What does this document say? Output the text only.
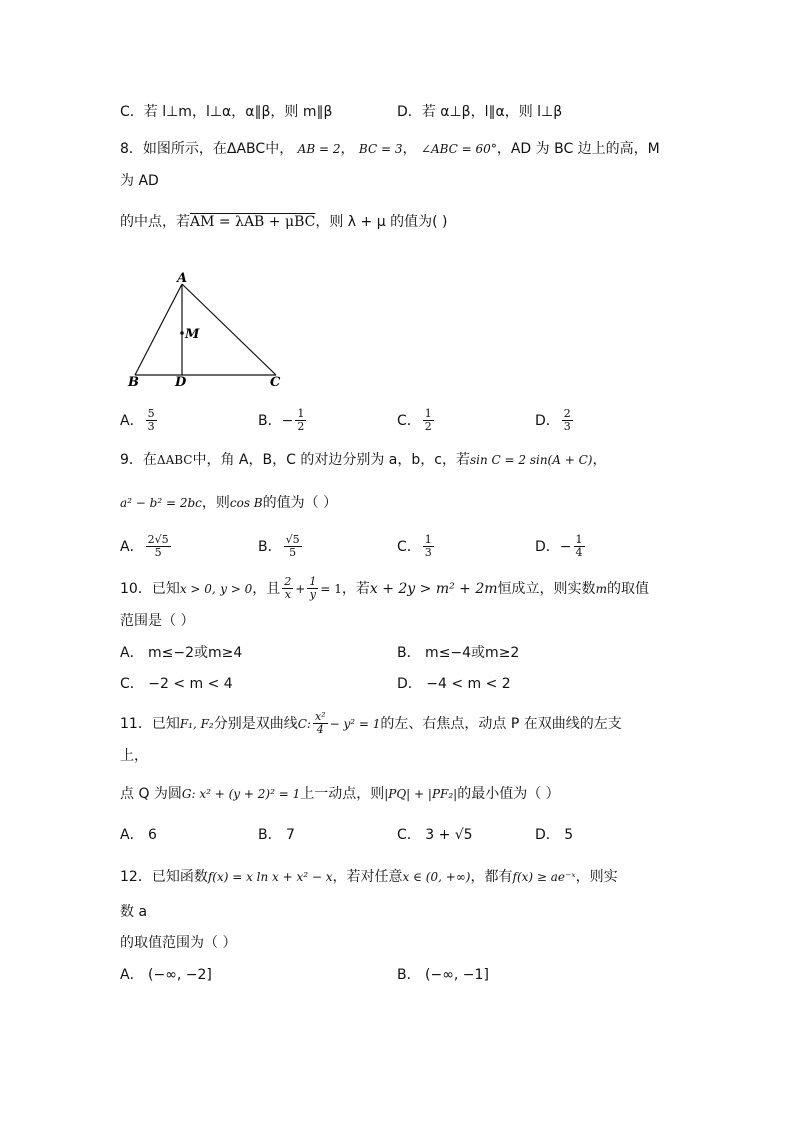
C．若 l⊥m，l⊥α，α∥β，则 m∥β	D．若 α⊥β，l∥α，则 l⊥β
8．如图所示，在ΔABC中， AB = 2， BC = 3， ∠ABC = 60°，AD 为 BC 边上的高，M
为 AD
的中点，若AM = λAB + μBC，则 λ + μ 的值为( )
A
B	C
D
M
A． $\frac{5}{3}$	B． − $\frac{1}{2}$	C． $\frac{1}{2}$	D． $\frac{2}{3}$
9．在ΔABC中，角 A，B，C 的对边分别为 a，b，c，若sin C = 2 sin(A + C)，
a² − b² = 2bc，则cos B的值为（ ）
A． $\frac{2√5}{5}$	B． $\frac{√5}{5}$	C． $\frac{1}{3}$	D． − $\frac{1}{4}$
10．已知 x > 0,
y > 0 ，且 $\frac{2}{x} + \frac{1}{y} = 1$ ，若 x + 2y > m² + 2m 恒成立，则实数 m 的取值
范围是（ ）
A． m≤−2或m≥4	B． m≤−4或m≥2
C． −2 < m < 4	D． −4 < m < 2
11．已知 F₁, F₂ 分别是双曲线 C: $\frac{\text{x²}}{4} - y^2 = 1$ 的左、右焦点，动点 P 在双曲线的左支
上，
点 Q 为圆G: x² + (y + 2)² = 1上一动点，则|PQ| + |PF₂|的最小值为（ ）
A． 6	B． 7	C． 3 + √5	D． 5
12．已知函数f(x) = x ln x + x² − x，若对任意x ∈ (0, +∞)，都有f(x) ≥ ae⁻ˣ，则实
数 a
的取值范围为（ ）
A． (−∞, −2]	B． (−∞, −1]
